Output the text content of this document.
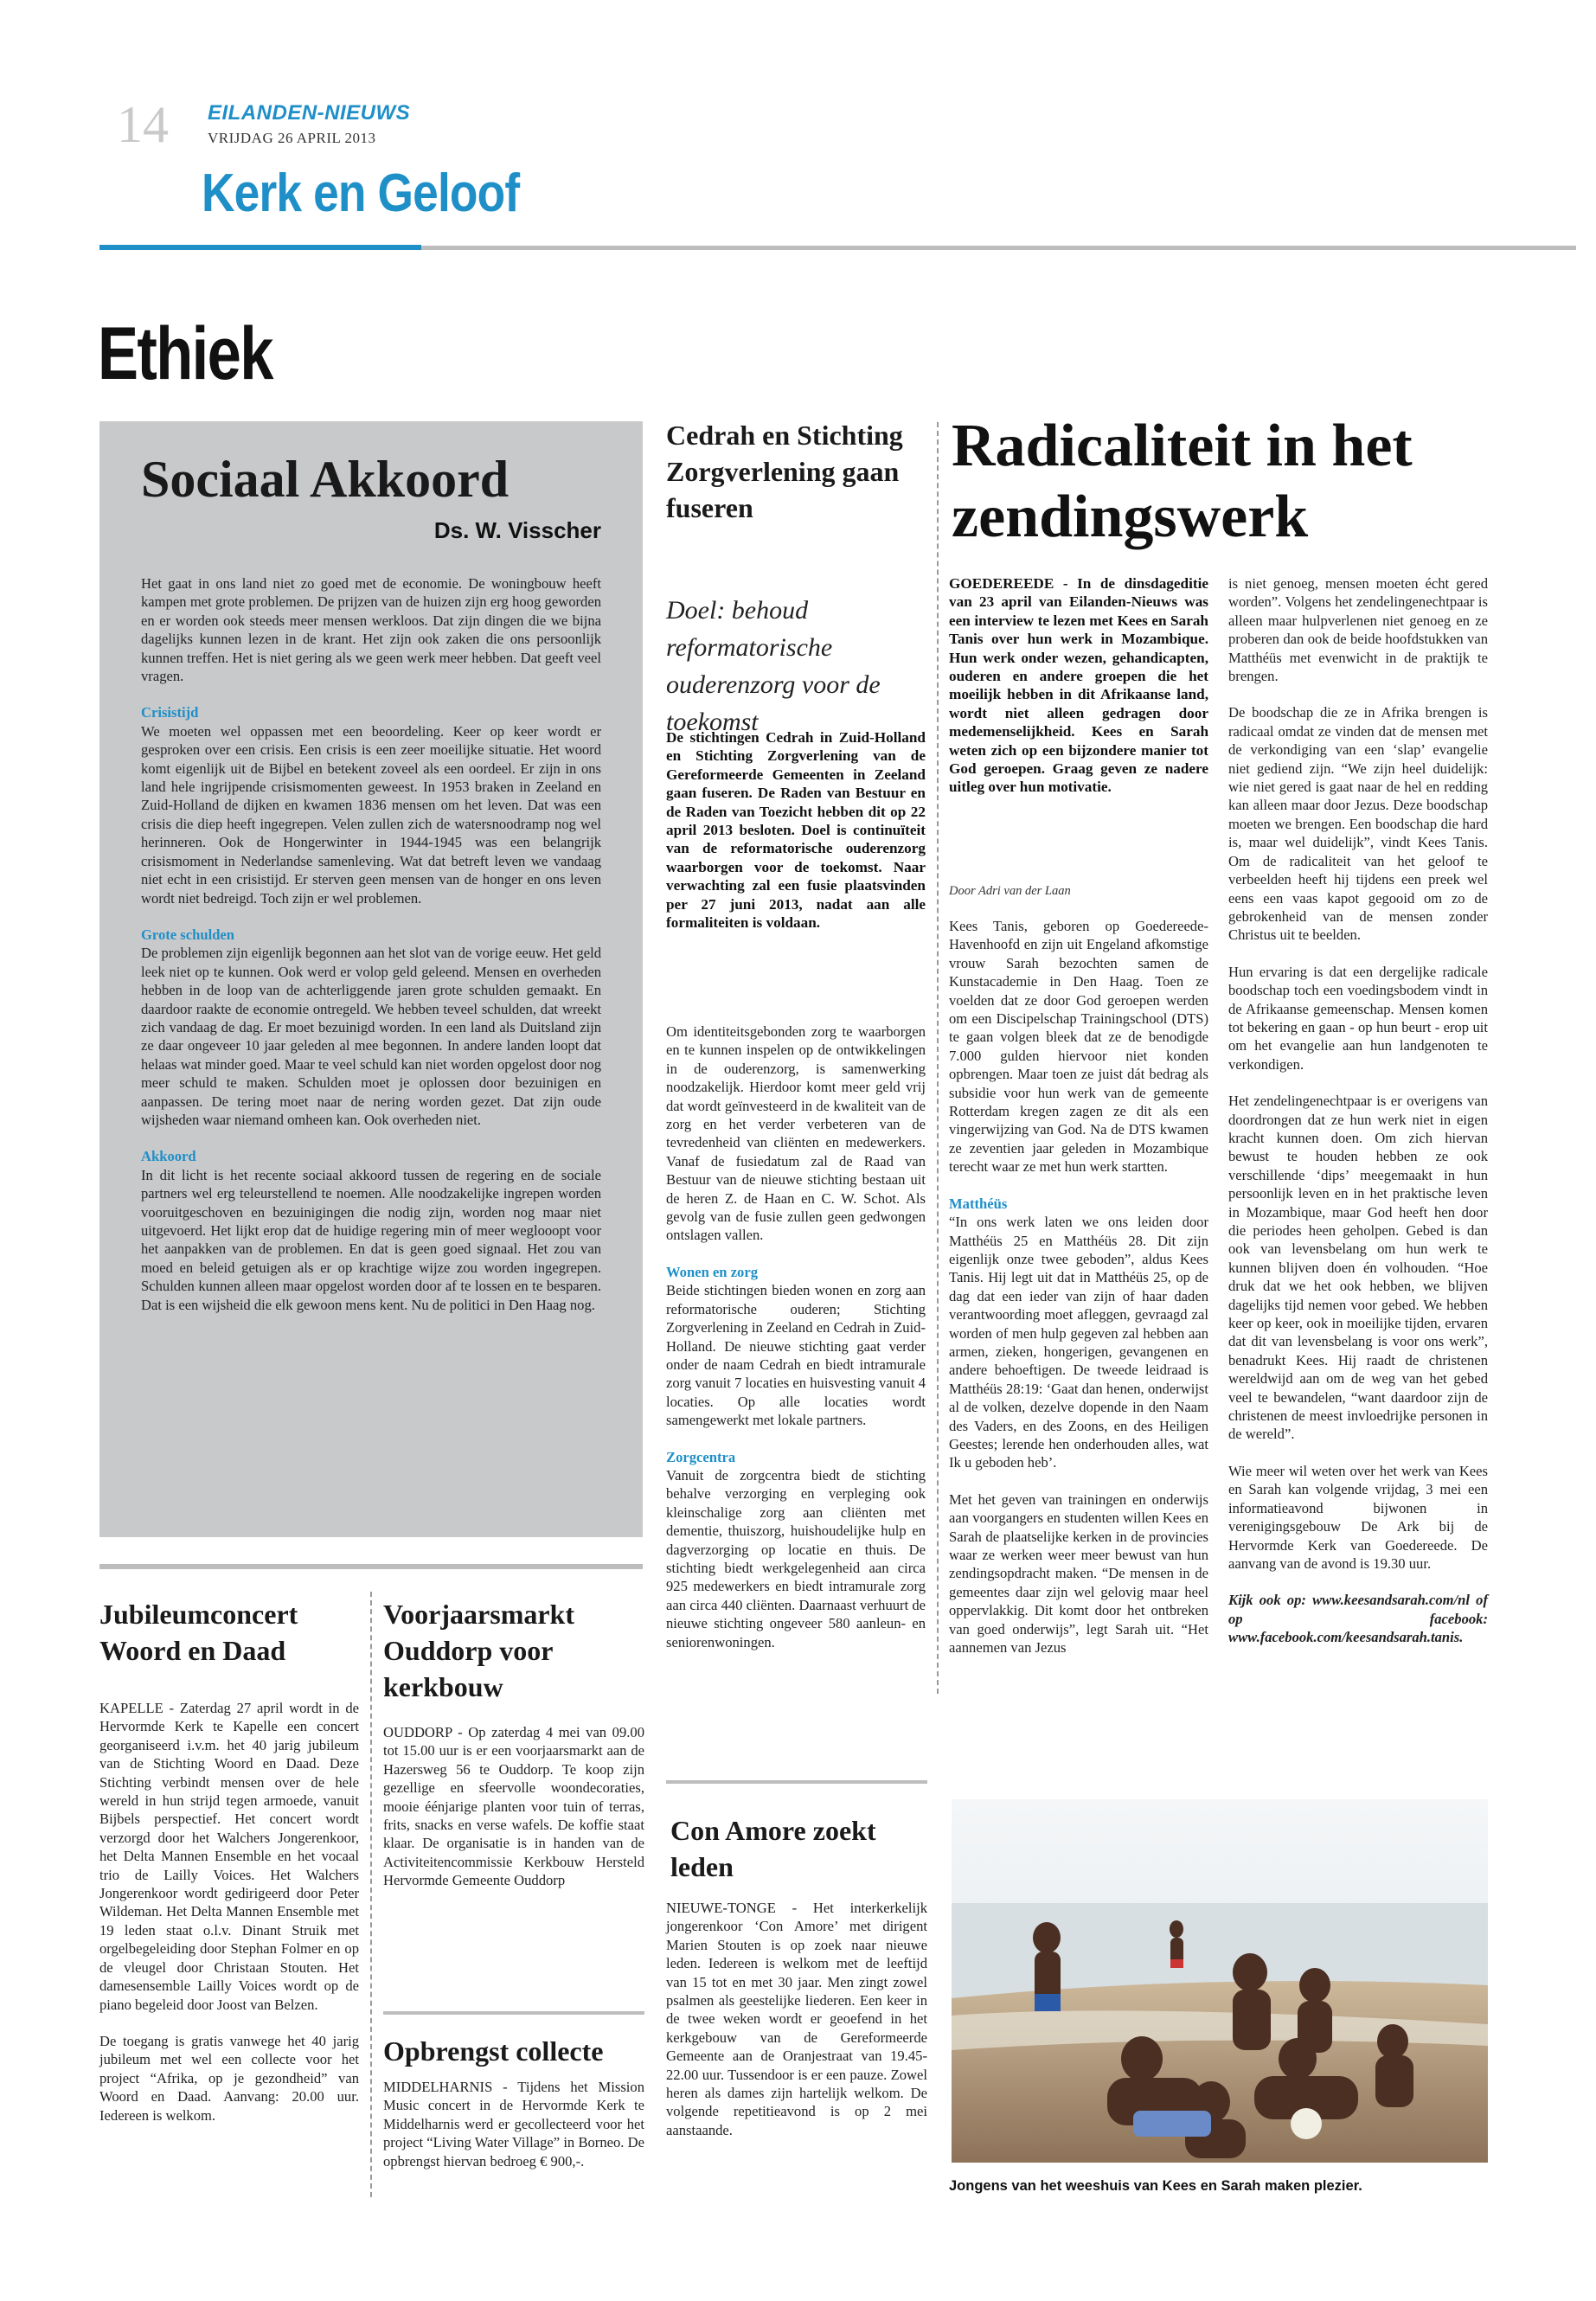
14 EILANDEN-NIEUWS
VRIJDAG 26 APRIL 2013
Kerk en Geloof
Ethiek
Sociaal Akkoord
Ds. W. Visscher

Het gaat in ons land niet zo goed met de economie. De woningbouw heeft kampen met grote problemen. De prijzen van de huizen zijn erg hoog geworden en er worden ook steeds meer mensen werkloos. Dat zijn dingen die we bijna dagelijks kunnen lezen in de krant. Het zijn ook zaken die ons persoonlijk kunnen treffen. Het is niet gering als we geen werk meer hebben. Dat geeft veel vragen.

Crisistijd

We moeten wel oppassen met een beoordeling. Keer op keer wordt er gesproken over een crisis. Een crisis is een zeer moeilijke situatie. Het woord komt eigenlijk uit de Bijbel en betekent zoveel als een oordeel. Er zijn in ons land hele ingrijpende crisismomenten geweest. In 1953 braken in Zeeland en Zuid-Holland de dijken en kwamen 1836 mensen om het leven. Dat was een crisis die diep heeft ingegrepen. Velen zullen zich de watersnoodramp nog wel herinneren. Ook de Hongerwinter in 1944-1945 was een belangrijk crisismoment in Nederlandse samenleving. Wat dat betreft leven we vandaag niet echt in een crisistijd. Er sterven geen mensen van de honger en ons leven wordt niet bedreigd. Toch zijn er wel problemen.

Grote schulden

De problemen zijn eigenlijk begonnen aan het slot van de vorige eeuw. Het geld leek niet op te kunnen. Ook werd er volop geld geleend. Mensen en overheden hebben in de loop van de achterliggende jaren grote schulden gemaakt. En daardoor raakte de economie ontregeld. We hebben teveel schulden, dat wreekt zich vandaag de dag. Er moet bezuinigd worden. In een land als Duitsland zijn ze daar ongeveer 10 jaar geleden al mee begonnen. In andere landen loopt dat helaas wat minder goed. Maar te veel schuld kan niet worden opgelost door nog meer schuld te maken. Schulden moet je oplossen door bezuinigen en aanpassen. De tering moet naar de nering worden gezet. Dat zijn oude wijsheden waar niemand omheen kan. Ook overheden niet.

Akkoord

In dit licht is het recente sociaal akkoord tussen de regering en de sociale partners wel erg teleurstellend te noemen. Alle noodzakelijke ingrepen worden vooruitgeschoven en bezuinigingen die nodig zijn, worden nog maar niet uitgevoerd. Het lijkt erop dat de huidige regering min of meer weglooopt voor het aanpakken van de problemen. En dat is geen goed signaal. Het zou van moed en beleid getuigen als er op krachtige wijze zou worden ingegrepen. Schulden kunnen alleen maar opgelost worden door af te lossen en te besparen. Dat is een wijsheid die elk gewoon mens kent. Nu de politici in Den Haag nog.

Cedrah en Stichting Zorgverlening gaan fuseren
Doel: behoud reformatorische ouderenzorg voor de toekomst

De stichtingen Cedrah in Zuid-Holland en Stichting Zorgverlening van de Gereformeerde Gemeenten in Zeeland gaan fuseren. De Raden van Bestuur en de Raden van Toezicht hebben dit op 22 april 2013 besloten. Doel is continuïteit van de reformatorische ouderenzorg waarborgen voor de toekomst. Naar verwachting zal een fusie plaatsvinden per 27 juni 2013, nadat aan alle formaliteiten is voldaan.

Om identiteitsgebonden zorg te waarborgen en te kunnen inspelen op de ontwikkelingen in de ouderenzorg, is samenwerking noodzakelijk. Hierdoor komt meer geld vrij dat wordt geïnvesteerd in de kwaliteit van de zorg en het verder verbeteren van de tevredenheid van cliënten en medewerkers. Vanaf de fusiedatum zal de Raad van Bestuur van de nieuwe stichting bestaan uit de heren Z. de Haan en C. W. Schot. Als gevolg van de fusie zullen geen gedwongen ontslagen vallen.

Wonen en zorg

Beide stichtingen bieden wonen en zorg aan reformatorische ouderen; Stichting Zorgverlening in Zeeland en Cedrah in Zuid-Holland. De nieuwe stichting gaat verder onder de naam Cedrah en biedt intramurale zorg vanuit 7 locaties en huisvesting vanuit 4 locaties. Op alle locaties wordt samengewerkt met lokale partners.

Zorgcentra

Vanuit de zorgcentra biedt de stichting behalve verzorging en verpleging ook kleinschalige zorg aan cliënten met dementie, thuiszorg, huishoudelijke hulp en dagverzorging op locatie en thuis. De stichting biedt werkgelegenheid aan circa 925 medewerkers en biedt intramurale zorg aan circa 440 cliënten. Daarnaast verhuurt de nieuwe stichting ongeveer 580 aanleun- en seniorenwoningen.

Radicaliteit in het zendingswerk

GOEDEREEDE - In de dinsdageditie van 23 april van Eilanden-Nieuws was een interview te lezen met Kees en Sarah Tanis over hun werk in Mozambique. Hun werk onder wezen, gehandicapten, ouderen en andere groepen die het moeilijk hebben in dit Afrikaanse land, wordt niet alleen gedragen door medemenselijkheid. Kees en Sarah weten zich op een bijzondere manier tot God geroepen. Graag geven ze nadere uitleg over hun motivatie.

Door Adri van der Laan

Kees Tanis, geboren op Goedereede-Havenhoofd en zijn uit Engeland afkomstige vrouw Sarah bezochten samen de Kunstacademie in Den Haag. Toen ze voelden dat ze door God geroepen werden om een Discipelschap Trainingschool (DTS) te gaan volgen bleek dat ze de benodigde 7.000 gulden hiervoor niet konden opbrengen. Maar toen ze juist dát bedrag als subsidie voor hun werk van de gemeente Rotterdam kregen zagen ze dit als een vingerwijzing van God. Na de DTS kwamen ze zeventien jaar geleden in Mozambique terecht waar ze met hun werk startten.

Matthéüs

“In ons werk laten we ons leiden door Matthéüs 25 en Matthéüs 28. Dit zijn eigenlijk onze twee geboden”, aldus Kees Tanis. Hij legt uit dat in Matthéüs 25, op de dag dat een ieder van zijn of haar daden verantwoording moet afleggen, gevraagd zal worden of men hulp gegeven zal hebben aan armen, zieken, hongerigen, gevangenen en andere behoeftigen. De tweede leidraad is Matthéüs 28:19: ‘Gaat dan henen, onderwijst al de volken, dezelve dopende in den Naam des Vaders, en des Zoons, en des Heiligen Geestes; lerende hen onderhouden alles, wat Ik u geboden heb’.

Met het geven van trainingen en onderwijs aan voorgangers en studenten willen Kees en Sarah de plaatselijke kerken in de provincies waar ze werken weer meer bewust van hun zendingsopdracht maken. “De mensen in de gemeentes daar zijn wel gelovig maar heel oppervlakkig. Dit komt door het ontbreken van goed onderwijs”, legt Sarah uit. “Het aannemen van Jezus

is niet genoeg, mensen moeten écht gered worden”. Volgens het zendelingenechtpaar is alleen maar hulpverlenen niet genoeg en ze proberen dan ook de beide hoofdstukken van Matthéüs met evenwicht in de praktijk te brengen.

De boodschap die ze in Afrika brengen is radicaal omdat ze vinden dat de mensen met de verkondiging van een ‘slap’ evangelie niet gediend zijn. “We zijn heel duidelijk: wie niet gered is gaat naar de hel en redding kan alleen maar door Jezus. Deze boodschap moeten we brengen. Een boodschap die hard is, maar wel duidelijk”, vindt Kees Tanis. Om de radicaliteit van het geloof te verbeelden heeft hij tijdens een preek wel eens een vaas kapot gegooid om zo de gebrokenheid van de mensen zonder Christus uit te beelden.

Hun ervaring is dat een dergelijke radicale boodschap toch een voedingsbodem vindt in de Afrikaanse gemeenschap. Mensen komen tot bekering en gaan - op hun beurt - erop uit om het evangelie aan hun landgenoten te verkondigen.

Het zendelingenechtpaar is er overigens van doordrongen dat ze hun werk niet in eigen kracht kunnen doen. Om zich hiervan bewust te houden hebben ze ook verschillende ‘dips’ meegemaakt in hun persoonlijk leven en in het praktische leven in Mozambique, maar God heeft hen door die periodes heen geholpen. Gebed is dan ook van levensbelang om hun werk te kunnen blijven doen én volhouden. “Hoe druk dat we het ook hebben, we blijven dagelijks tijd nemen voor gebed. We hebben keer op keer, ook in moeilijke tijden, ervaren dat dit van levensbelang is voor ons werk”, benadrukt Kees. Hij raadt de christenen wereldwijd aan om de weg van het gebed veel te bewandelen, “want daardoor zijn de christenen de meest invloedrijke personen in de wereld”.

Wie meer wil weten over het werk van Kees en Sarah kan volgende vrijdag, 3 mei een informatieavond bijwonen in verenigingsgebouw De Ark bij de Hervormde Kerk van Goedereede. De aanvang van de avond is 19.30 uur.

Kijk ook op: www.keesandsarah.com/nl of op facebook: www.facebook.com/keesandsarah.tanis.

Jongens van het weeshuis van Kees en Sarah maken plezier.
Jubileumconcert Woord en Daad

KAPELLE - Zaterdag 27 april wordt in de Hervormde Kerk te Kapelle een concert georganiseerd i.v.m. het 40 jarig jubileum van de Stichting Woord en Daad. Deze Stichting verbindt mensen over de hele wereld in hun strijd tegen armoede, vanuit Bijbels perspectief. Het concert wordt verzorgd door het Walchers Jongerenkoor, het Delta Mannen Ensemble en het vocaal trio de Lailly Voices. Het Walchers Jongerenkoor wordt gedirigeerd door Peter Wildeman. Het Delta Mannen Ensemble met 19 leden staat o.l.v. Dinant Struik met orgelbegeleiding door Stephan Folmer en op de vleugel door Christaan Stouten. Het damesensemble Lailly Voices wordt op de piano begeleid door Joost van Belzen.

De toegang is gratis vanwege het 40 jarig jubileum met wel een collecte voor het project “Afrika, op je gezondheid” van Woord en Daad. Aanvang: 20.00 uur. Iedereen is welkom.

Voorjaarsmarkt Ouddorp voor kerkbouw

OUDDORP - Op zaterdag 4 mei van 09.00 tot 15.00 uur is er een voorjaarsmarkt aan de Hazersweg 56 te Ouddorp. Te koop zijn gezellige en sfeervolle woondecoraties, mooie éénjarige planten voor tuin of terras, frits, snacks en verse wafels. De koffie staat klaar. De organisatie is in handen van de Activiteitencommissie Kerkbouw Hersteld Hervormde Gemeente Ouddorp

Opbrengst collecte

MIDDELHARNIS - Tijdens het Mission Music concert in de Hervormde Kerk te Middelharnis werd er gecollecteerd voor het project “Living Water Village” in Borneo. De opbrengst hiervan bedroeg € 900,-.

Con Amore zoekt leden

NIEUWE-TONGE - Het interkerkelijk jongerenkoor ‘Con Amore’ met dirigent Marien Stouten is op zoek naar nieuwe leden. Iedereen is welkom met de leeftijd van 15 tot en met 30 jaar. Men zingt zowel psalmen als geestelijke liederen. Een keer in de twee weken wordt er geoefend in het kerkgebouw van de Gereformeerde Gemeente aan de Oranjestraat van 19.45-22.00 uur. Tussendoor is er een pauze. Zowel heren als dames zijn hartelijk welkom. De volgende repetitieavond is op 2 mei aanstaande.
